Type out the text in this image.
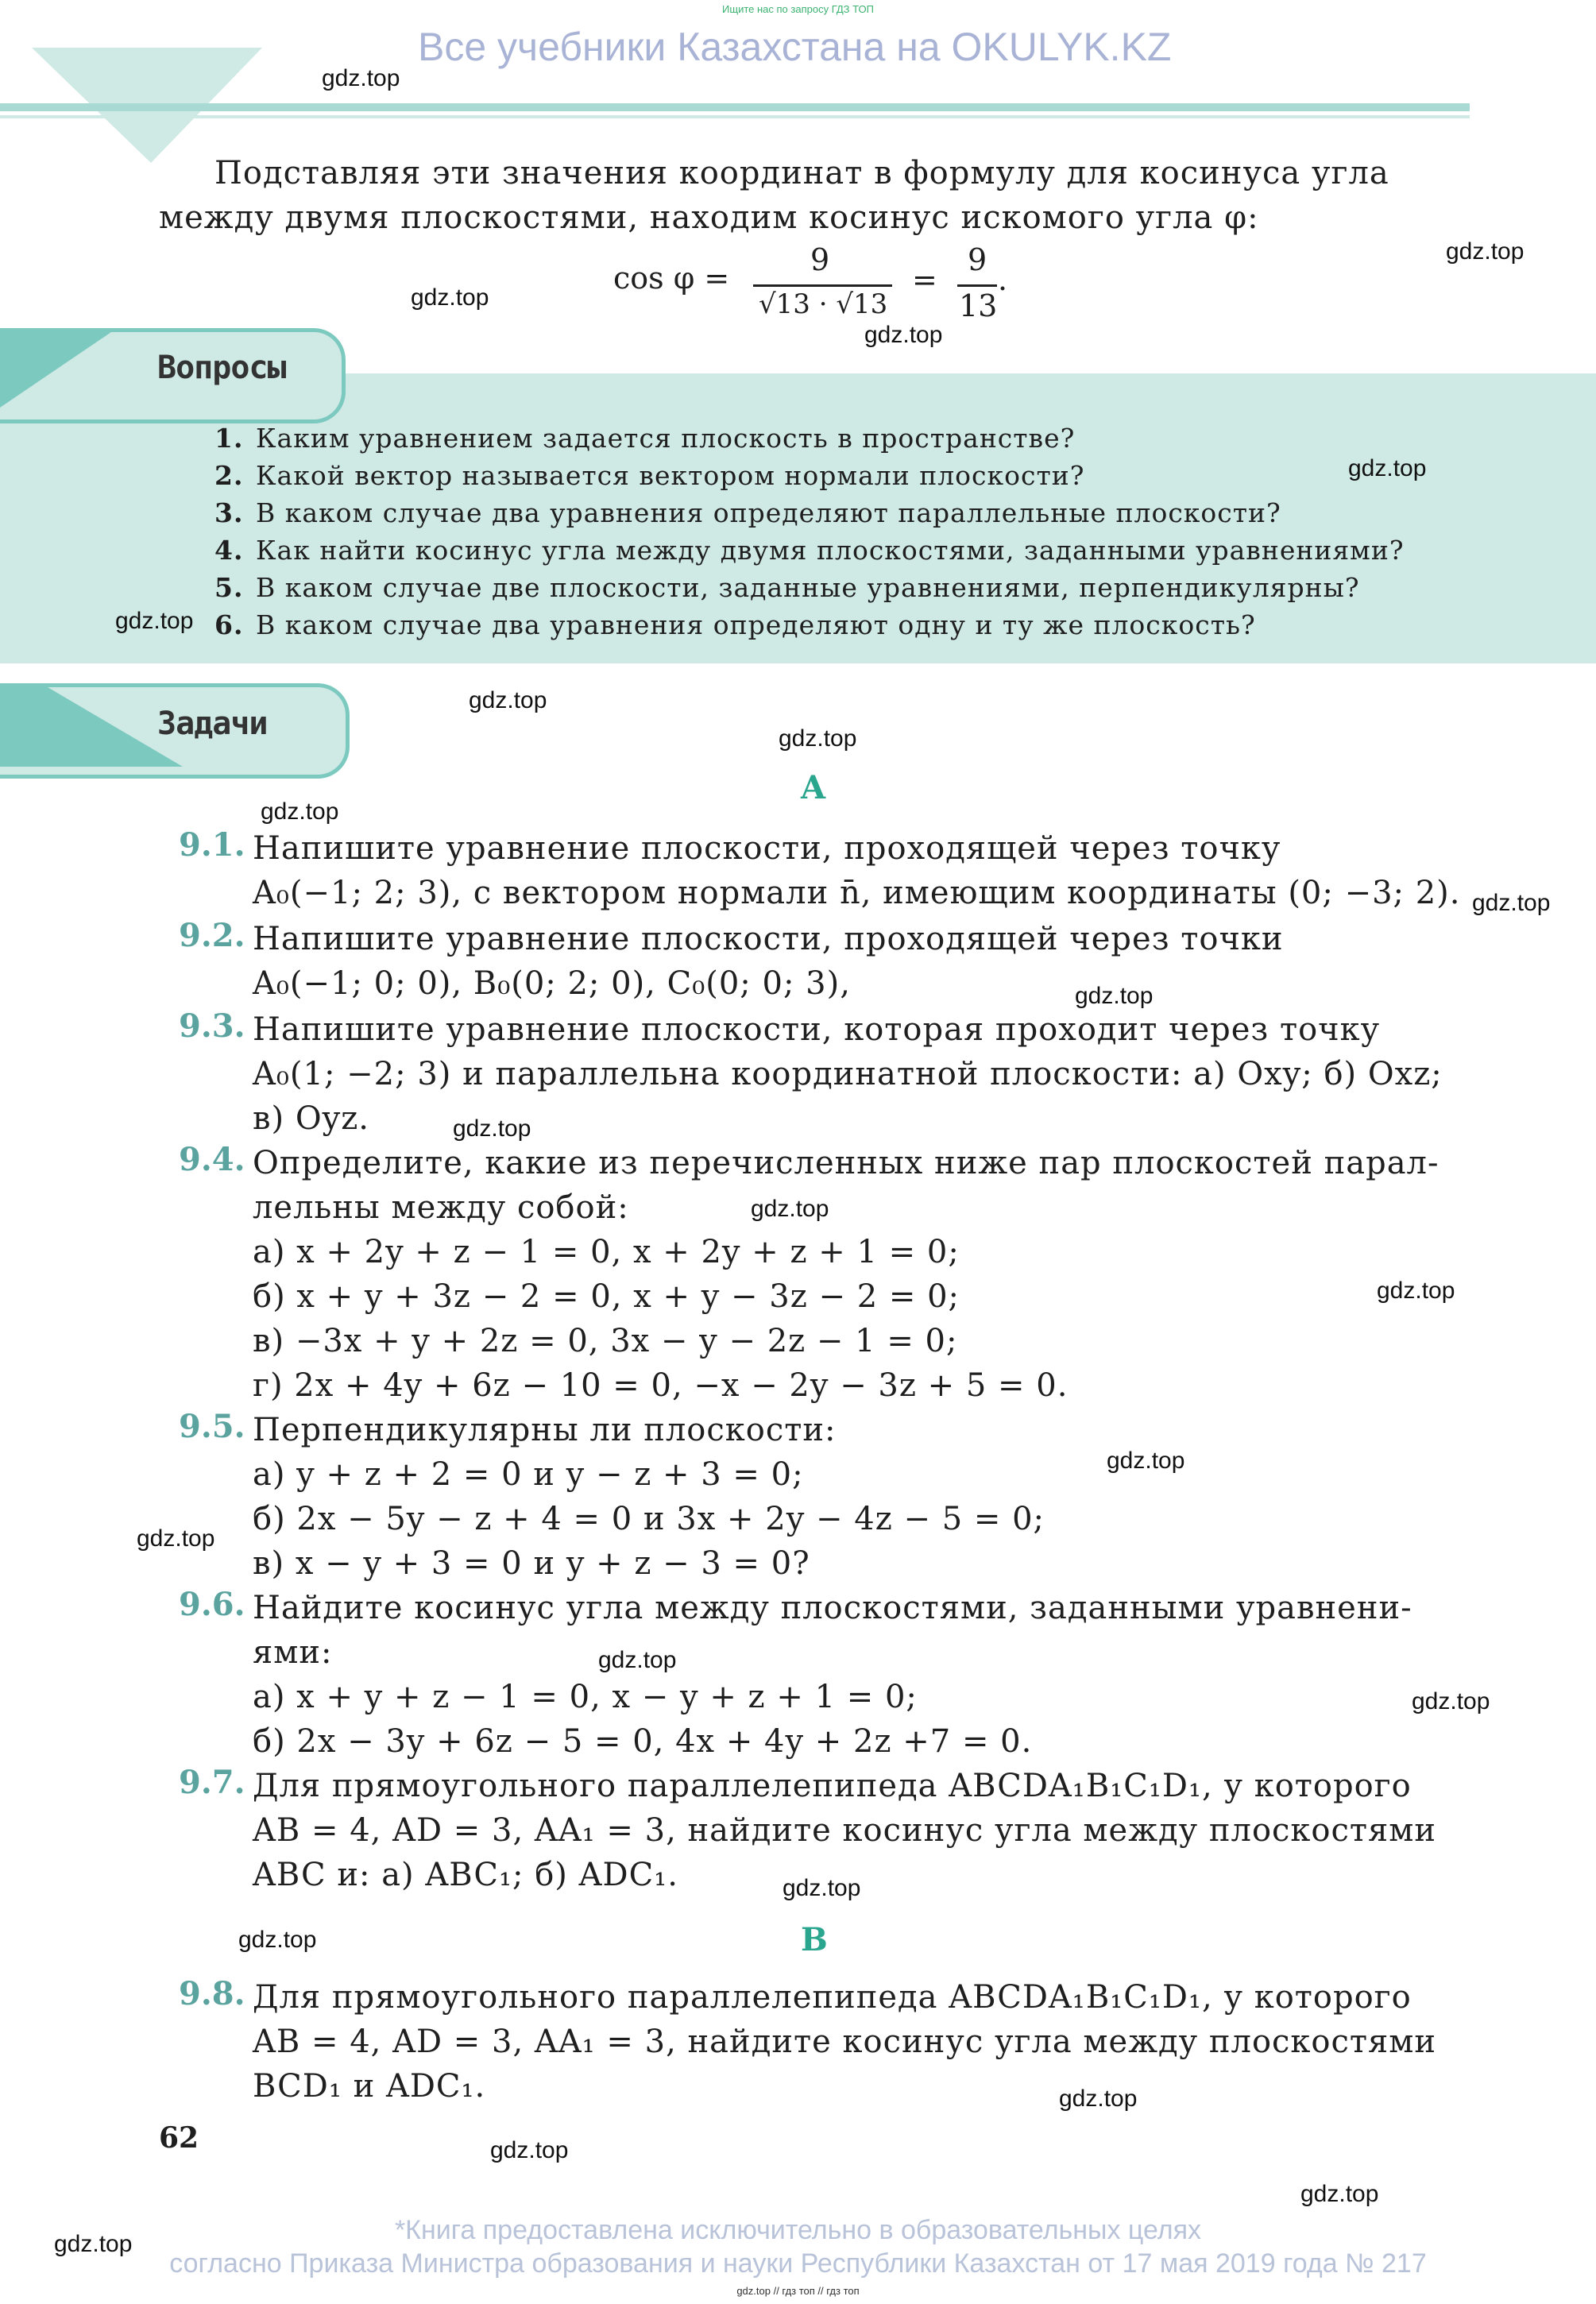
Ищите нас по запросу ГДЗ ТОП
Все учебники Казахстана на OKULYK.KZ
Подставляя эти значения координат в формулу для косинуса угла
между двумя плоскостями, находим косинус искомого угла φ:
cos φ =
9
√13 · √13
=
9
13
.
Вопросы
1. Каким уравнением задается плоскость в пространстве?
2. Какой вектор называется вектором нормали плоскости?
3. В каком случае два уравнения определяют параллельные плоскости?
4. Как найти косинус угла между двумя плоскостями, заданными уравнениями?
5. В каком случае две плоскости, заданные уравнениями, перпендикулярны?
6. В каком случае два уравнения определяют одну и ту же плоскость?
Задачи
A
9.1. Напишите уравнение плоскости, проходящей через точку
A₀(−1; 2; 3), с вектором нормали n̄, имеющим координаты (0; −3; 2).
9.2. Напишите уравнение плоскости, проходящей через точки
A₀(−1; 0; 0), B₀(0; 2; 0), C₀(0; 0; 3),
9.3. Напишите уравнение плоскости, которая проходит через точку
A₀(1; −2; 3) и параллельна координатной плоскости: а) Oxy; б) Oxz;
в) Oyz.
9.4. Определите, какие из перечисленных ниже пар плоскостей парал-
лельны между собой:
а) x + 2y + z − 1 = 0, x + 2y + z + 1 = 0;
б) x + y + 3z − 2 = 0, x + y − 3z − 2 = 0;
в) −3x + y + 2z = 0, 3x − y − 2z − 1 = 0;
г) 2x + 4y + 6z − 10 = 0, −x − 2y − 3z + 5 = 0.
9.5. Перпендикулярны ли плоскости:
а) y + z + 2 = 0 и y − z + 3 = 0;
б) 2x − 5y − z + 4 = 0 и 3x + 2y − 4z − 5 = 0;
в) x − y + 3 = 0 и y + z − 3 = 0?
9.6. Найдите косинус угла между плоскостями, заданными уравнени-
ями:
а) x + y + z − 1 = 0, x − y + z + 1 = 0;
б) 2x − 3y + 6z − 5 = 0, 4x + 4y + 2z +7 = 0.
9.7. Для прямоугольного параллелепипеда ABCDA₁B₁C₁D₁, у которого
AB = 4, AD = 3, AA₁ = 3, найдите косинус угла между плоскостями
ABC и: а) ABC₁; б) ADC₁.
B
9.8. Для прямоугольного параллелепипеда ABCDA₁B₁C₁D₁, у которого
AB = 4, AD = 3, AA₁ = 3, найдите косинус угла между плоскостями
BCD₁ и ADC₁.
62
*Книга предоставлена исключительно в образовательных целях
согласно Приказа Министра образования и науки Республики Казахстан от 17 мая 2019 года № 217
gdz.top // гдз топ // гдз топ
gdz.top
gdz.top
gdz.top
gdz.top
gdz.top
gdz.top
gdz.top
gdz.top
gdz.top
gdz.top
gdz.top
gdz.top
gdz.top
gdz.top
gdz.top
gdz.top
gdz.top
gdz.top
gdz.top
gdz.top
gdz.top
gdz.top
gdz.top
gdz.top
